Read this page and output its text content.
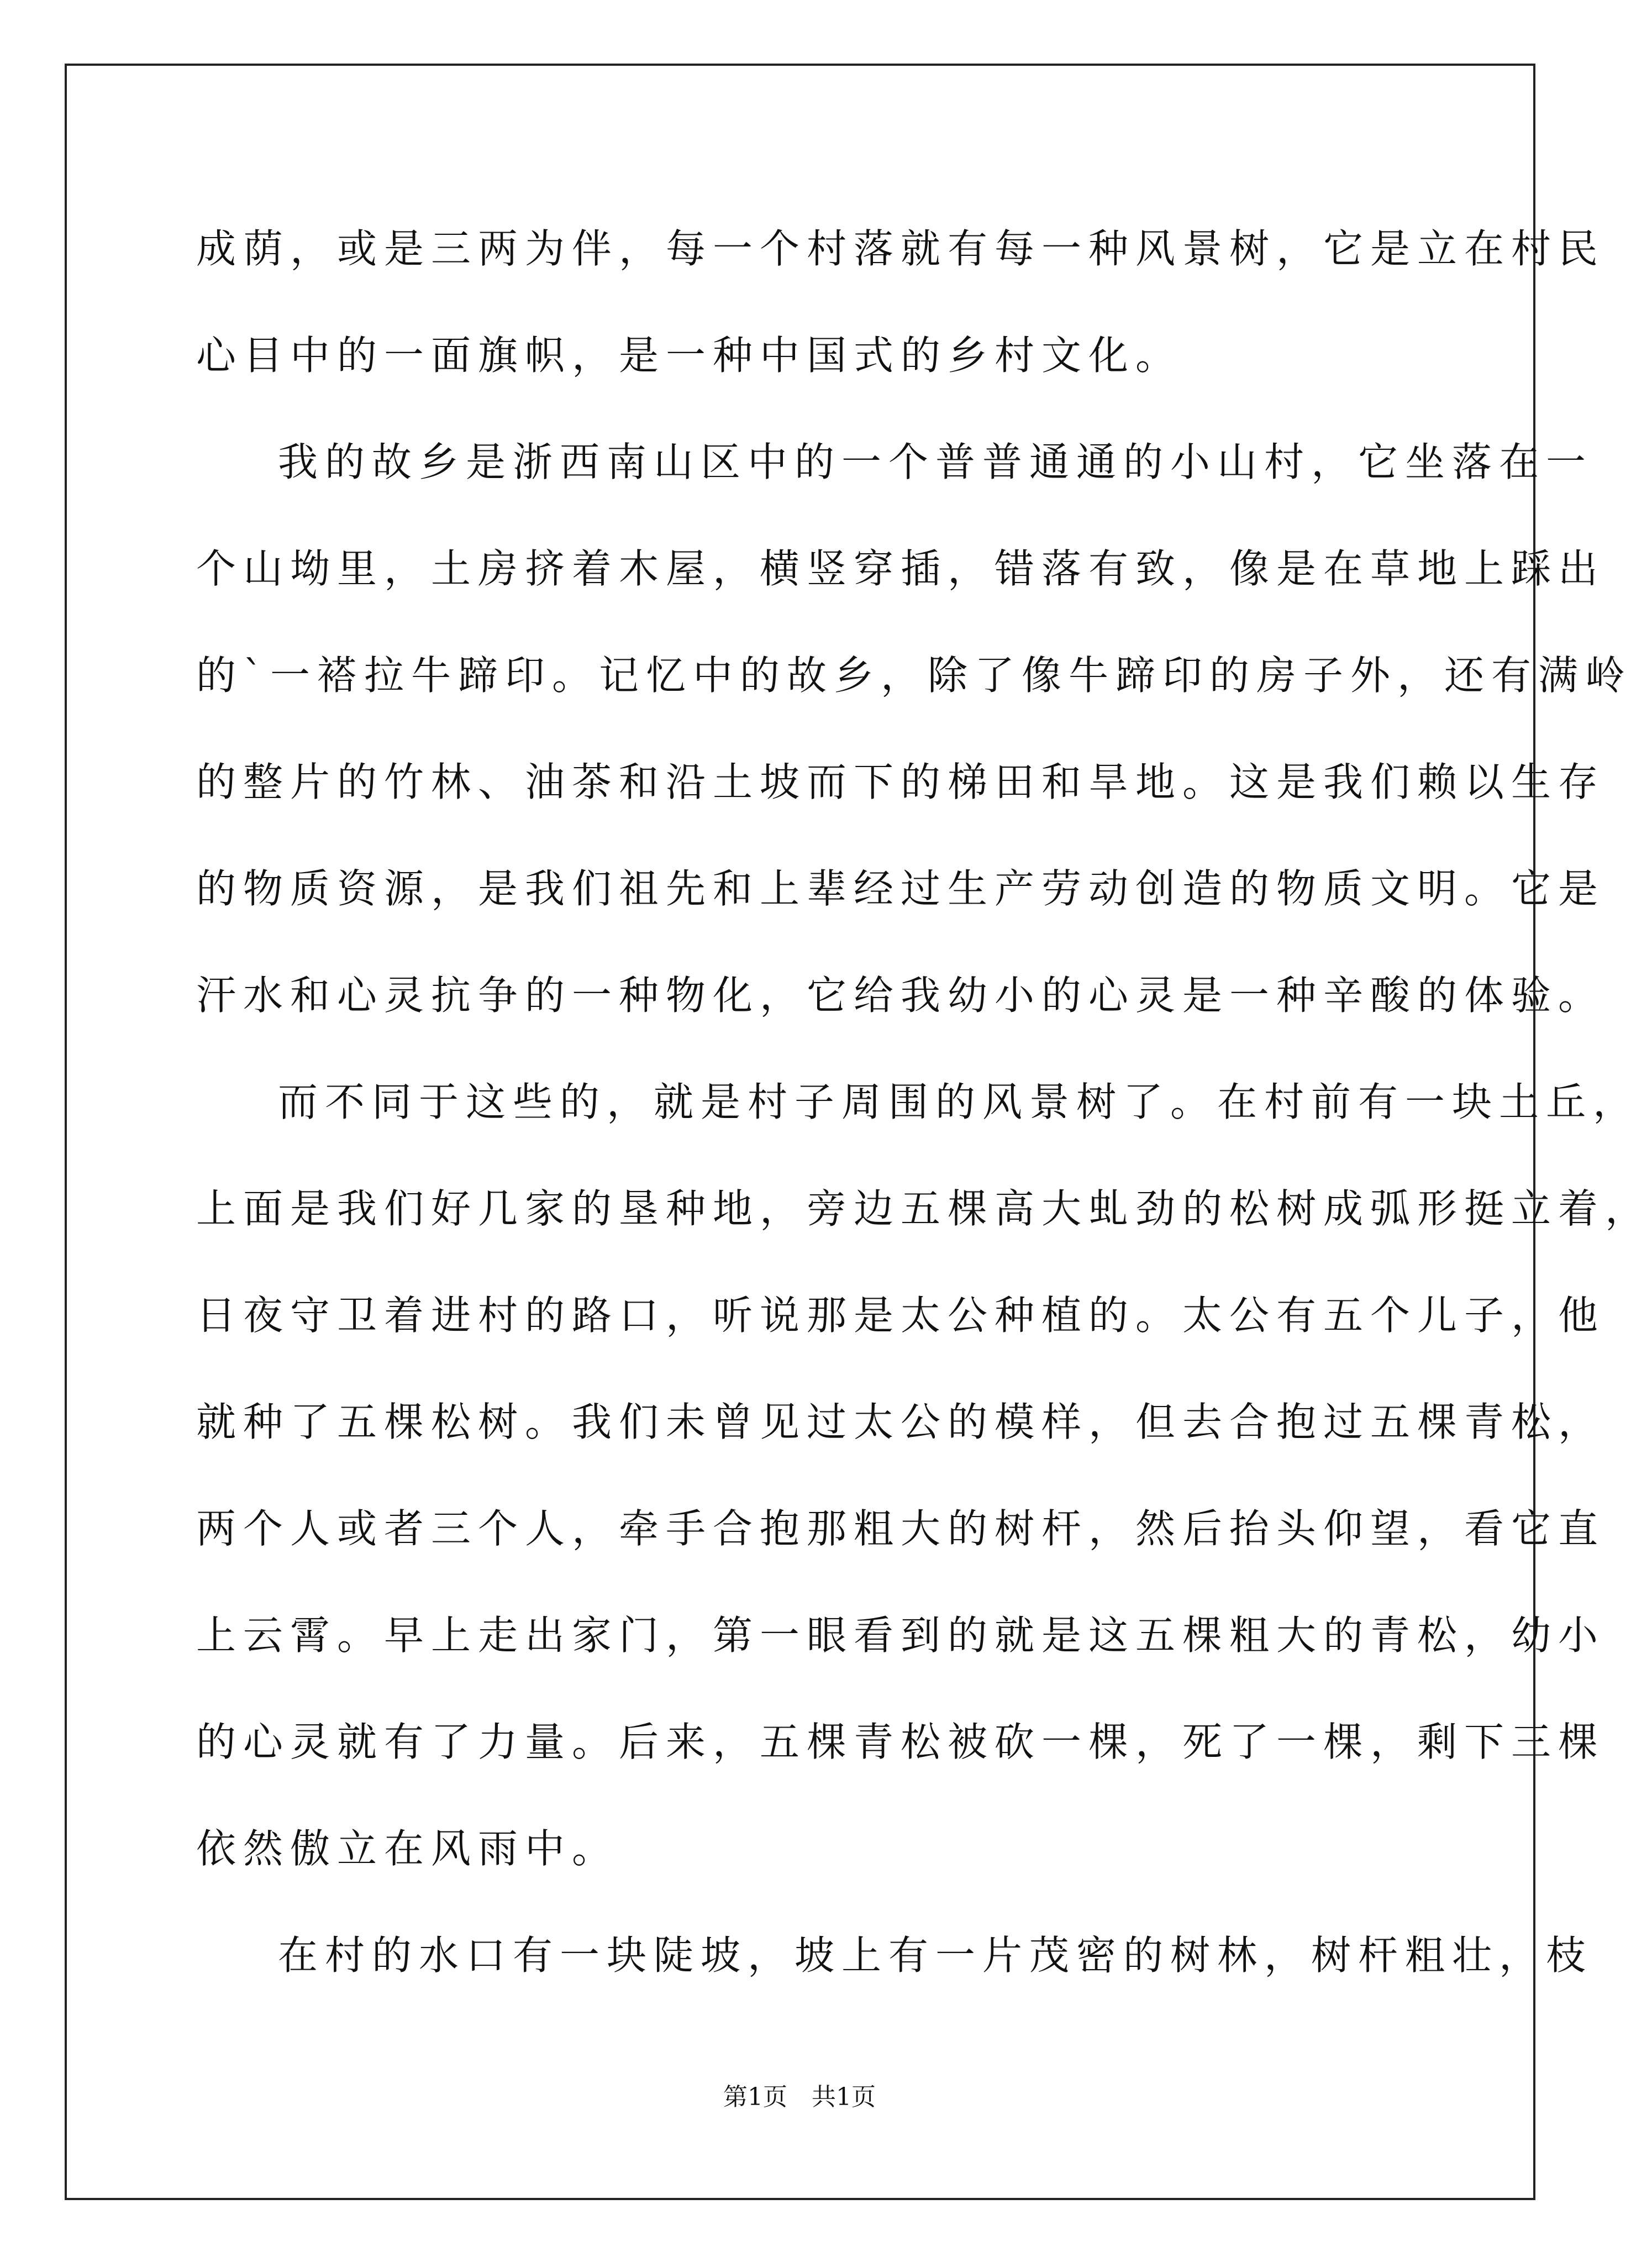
成荫，或是三两为伴，每一个村落就有每一种风景树，它是立在村民
心目中的一面旗帜，是一种中国式的乡村文化。
我的故乡是浙西南山区中的一个普普通通的小山村，它坐落在一
个山坳里，土房挤着木屋，横竖穿插，错落有致，像是在草地上踩出
的`一褡拉牛蹄印。记忆中的故乡，除了像牛蹄印的房子外，还有满岭
的整片的竹林、油茶和沿土坡而下的梯田和旱地。这是我们赖以生存
的物质资源，是我们祖先和上辈经过生产劳动创造的物质文明。它是
汗水和心灵抗争的一种物化，它给我幼小的心灵是一种辛酸的体验。
而不同于这些的，就是村子周围的风景树了。在村前有一块土丘，
上面是我们好几家的垦种地，旁边五棵高大虬劲的松树成弧形挺立着，
日夜守卫着进村的路口，听说那是太公种植的。太公有五个儿子，他
就种了五棵松树。我们未曾见过太公的模样，但去合抱过五棵青松，
两个人或者三个人，牵手合抱那粗大的树杆，然后抬头仰望，看它直
上云霄。早上走出家门，第一眼看到的就是这五棵粗大的青松，幼小
的心灵就有了力量。后来，五棵青松被砍一棵，死了一棵，剩下三棵
依然傲立在风雨中。
在村的水口有一块陡坡，坡上有一片茂密的树林，树杆粗壮，枝
第1页　共1页
